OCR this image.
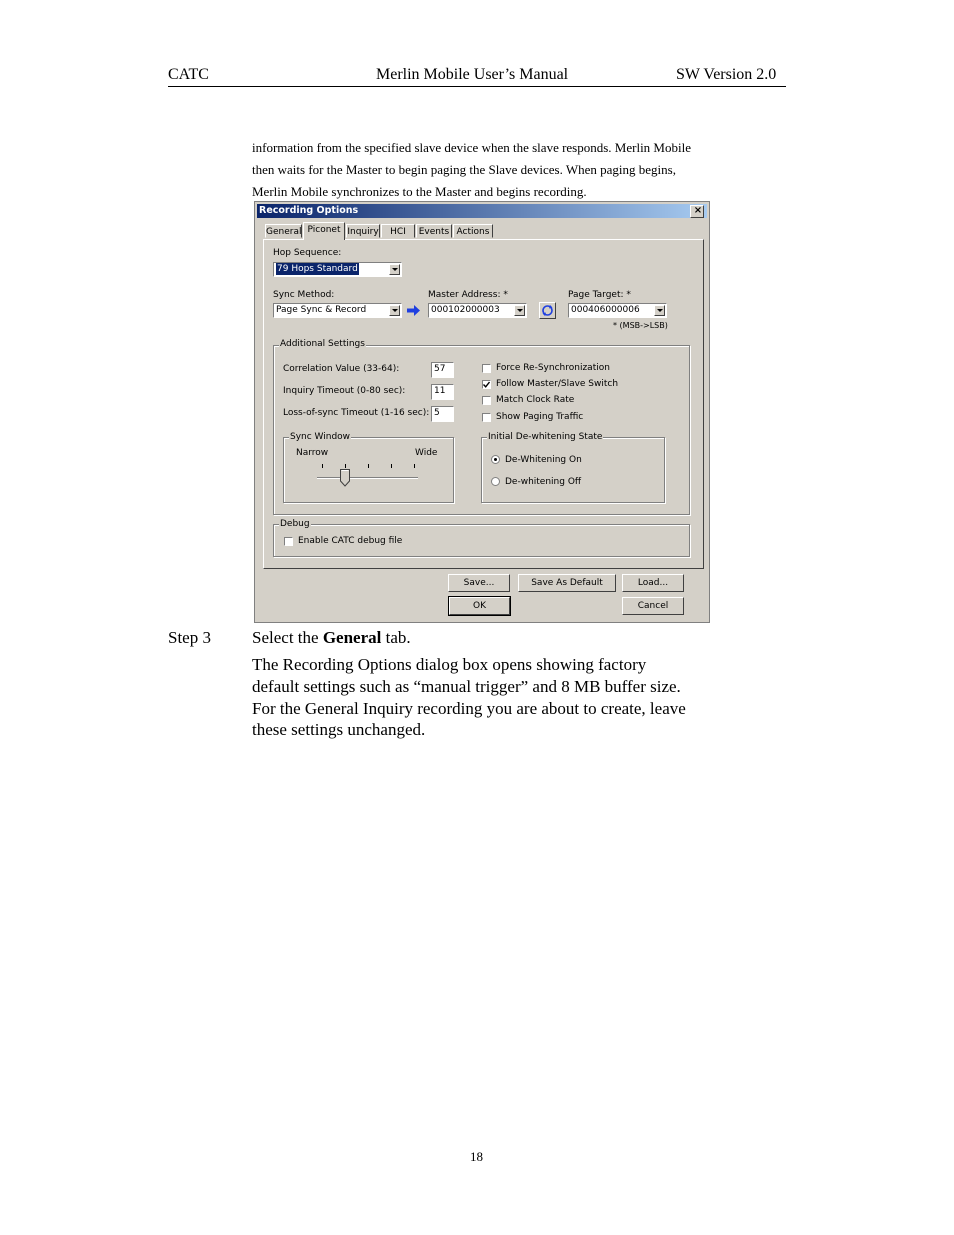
CATC	Merlin Mobile User’s Manual	SW Version 2.0
information from the specified slave device when the slave responds. Merlin Mobile
then waits for the Master to begin paging the Slave devices. When paging begins,
Merlin Mobile synchronizes to the Master and begins recording.
Recording Options	×
General Piconet Inquiry	HCI	Events Actions
Hop Sequence:
79 Hops Standard
Sync Method:
Page Sync & Record
Master Address: *
000102000003
Page Target: *
000406000006
* (MSB->LSB)
Additional Settings
Correlation Value (33-64):	57
Inquiry Timeout (0-80 sec):	11
Loss-of-sync Timeout (1-16 sec): 5
Force Re-Synchronization
Follow Master/Slave Switch
Match Clock Rate
Show Paging Traffic
Sync Window
Narrow	Wide
Initial De-whitening State
De-Whitening On
De-whitening Off
Debug
Enable CATC debug file
Save...	Save As Default	Load...
OK	Cancel
Step 3 Select the General tab.
The Recording Options dialog box opens showing factory
default settings such as “manual trigger” and 8 MB buffer size.
For the General Inquiry recording you are about to create, leave
these settings unchanged.
18
